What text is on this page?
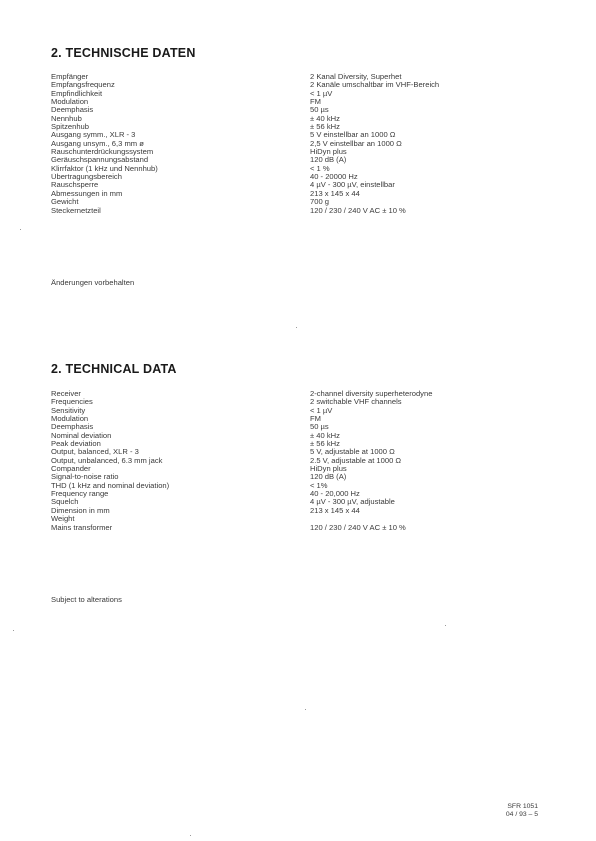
2. TECHNISCHE DATEN
Empfänger	2 Kanal Diversity, Superhet
Empfangsfrequenz	2 Kanäle umschaltbar im VHF-Bereich
Empfindlichkeit	< 1 µV
Modulation	FM
Deemphasis	50 µs
Nennhub	± 40 kHz
Spitzenhub	± 56 kHz
Ausgang symm., XLR - 3	5 V einstellbar an 1000 Ω
Ausgang unsym., 6,3 mm ø	2,5 V einstellbar an 1000 Ω
Rauschunterdrückungssystem	HiDyn plus
Geräuschspannungsabstand	120 dB (A)
Klirrfaktor (1 kHz und Nennhub)	< 1 %
Übertragungsbereich	40 - 20000 Hz
Rauschsperre	4 µV - 300 µV, einstellbar
Abmessungen in mm	213 x 145 x 44
Gewicht	700 g
Steckernetzteil	120 / 230 / 240 V AC ± 10 %

Änderungen vorbehalten

2. TECHNICAL DATA
Receiver	2-channel diversity superheterodyne
Frequencies	2 switchable VHF channels
Sensitivity	< 1 µV
Modulation	FM
Deemphasis	50 µs
Nominal deviation	± 40 kHz
Peak deviation	± 56 kHz
Output, balanced, XLR - 3	5 V, adjustable at 1000 Ω
Output, unbalanced, 6.3 mm jack	2.5 V, adjustable at 1000 Ω
Compander	HiDyn plus
Signal-to-noise ratio	120 dB (A)
THD (1 kHz and nominal deviation)	< 1%
Frequency range	40 - 20,000 Hz
Squelch	4 µV - 300 µV, adjustable
Dimension in mm	213 x 145 x 44
Weight
Mains transformer	120 / 230 / 240 V AC ± 10 %

Subject to alterations

SFR 1051
04 / 93 – 5
